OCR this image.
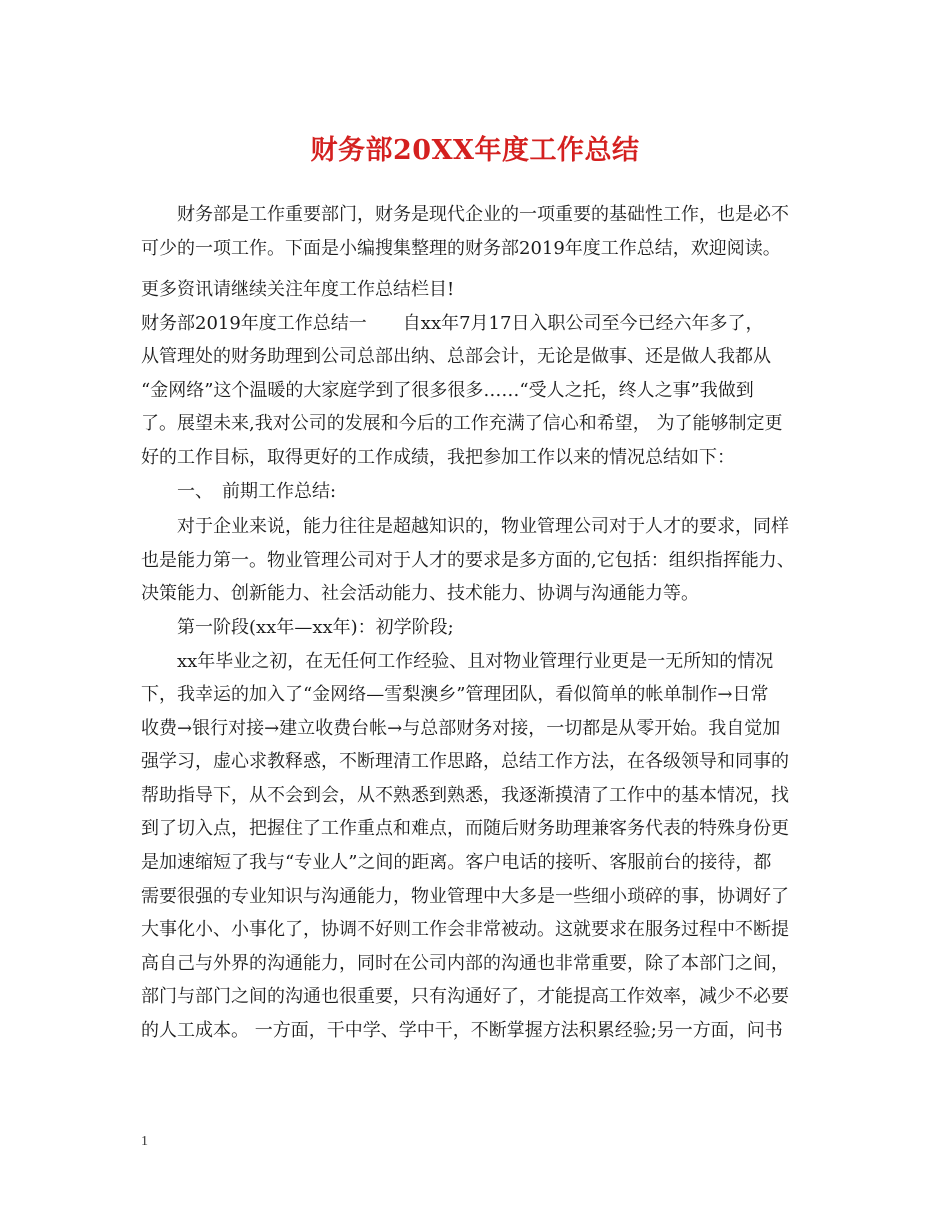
财务部20XX年度工作总结
　　财务部是工作重要部门，财务是现代企业的一项重要的基础性工作，也是必不
可少的一项工作。下面是小编搜集整理的财务部2019年度工作总结，欢迎阅读。
更多资讯请继续关注年度工作总结栏目!
财务部2019年度工作总结一　　自xx年7月17日入职公司至今已经六年多了，
从管理处的财务助理到公司总部出纳、总部会计，无论是做事、还是做人我都从
“金网络”这个温暖的大家庭学到了很多很多……“受人之托，终人之事”我做到
了。展望未来,我对公司的发展和今后的工作充满了信心和希望， 为了能够制定更
好的工作目标，取得更好的工作成绩，我把参加工作以来的情况总结如下：
　　一、　前期工作总结:
　　对于企业来说，能力往往是超越知识的，物业管理公司对于人才的要求，同样
也是能力第一。物业管理公司对于人才的要求是多方面的,它包括：组织指挥能力、
决策能力、创新能力、社会活动能力、技术能力、协调与沟通能力等。
　　第一阶段(xx年—xx年)：初学阶段;
　　xx年毕业之初，在无任何工作经验、且对物业管理行业更是一无所知的情况
下，我幸运的加入了“金网络—雪梨澳乡”管理团队，看似简单的帐单制作→日常
收费→银行对接→建立收费台帐→与总部财务对接，一切都是从零开始。我自觉加
强学习，虚心求教释惑，不断理清工作思路，总结工作方法，在各级领导和同事的
帮助指导下，从不会到会，从不熟悉到熟悉，我逐渐摸清了工作中的基本情况，找
到了切入点，把握住了工作重点和难点，而随后财务助理兼客务代表的特殊身份更
是加速缩短了我与“专业人”之间的距离。客户电话的接听、客服前台的接待，都
需要很强的专业知识与沟通能力，物业管理中大多是一些细小琐碎的事，协调好了
大事化小、小事化了，协调不好则工作会非常被动。这就要求在服务过程中不断提
高自己与外界的沟通能力，同时在公司内部的沟通也非常重要，除了本部门之间，
部门与部门之间的沟通也很重要，只有沟通好了，才能提高工作效率，减少不必要
的人工成本。 一方面，干中学、学中干，不断掌握方法积累经验;另一方面，问书
1
